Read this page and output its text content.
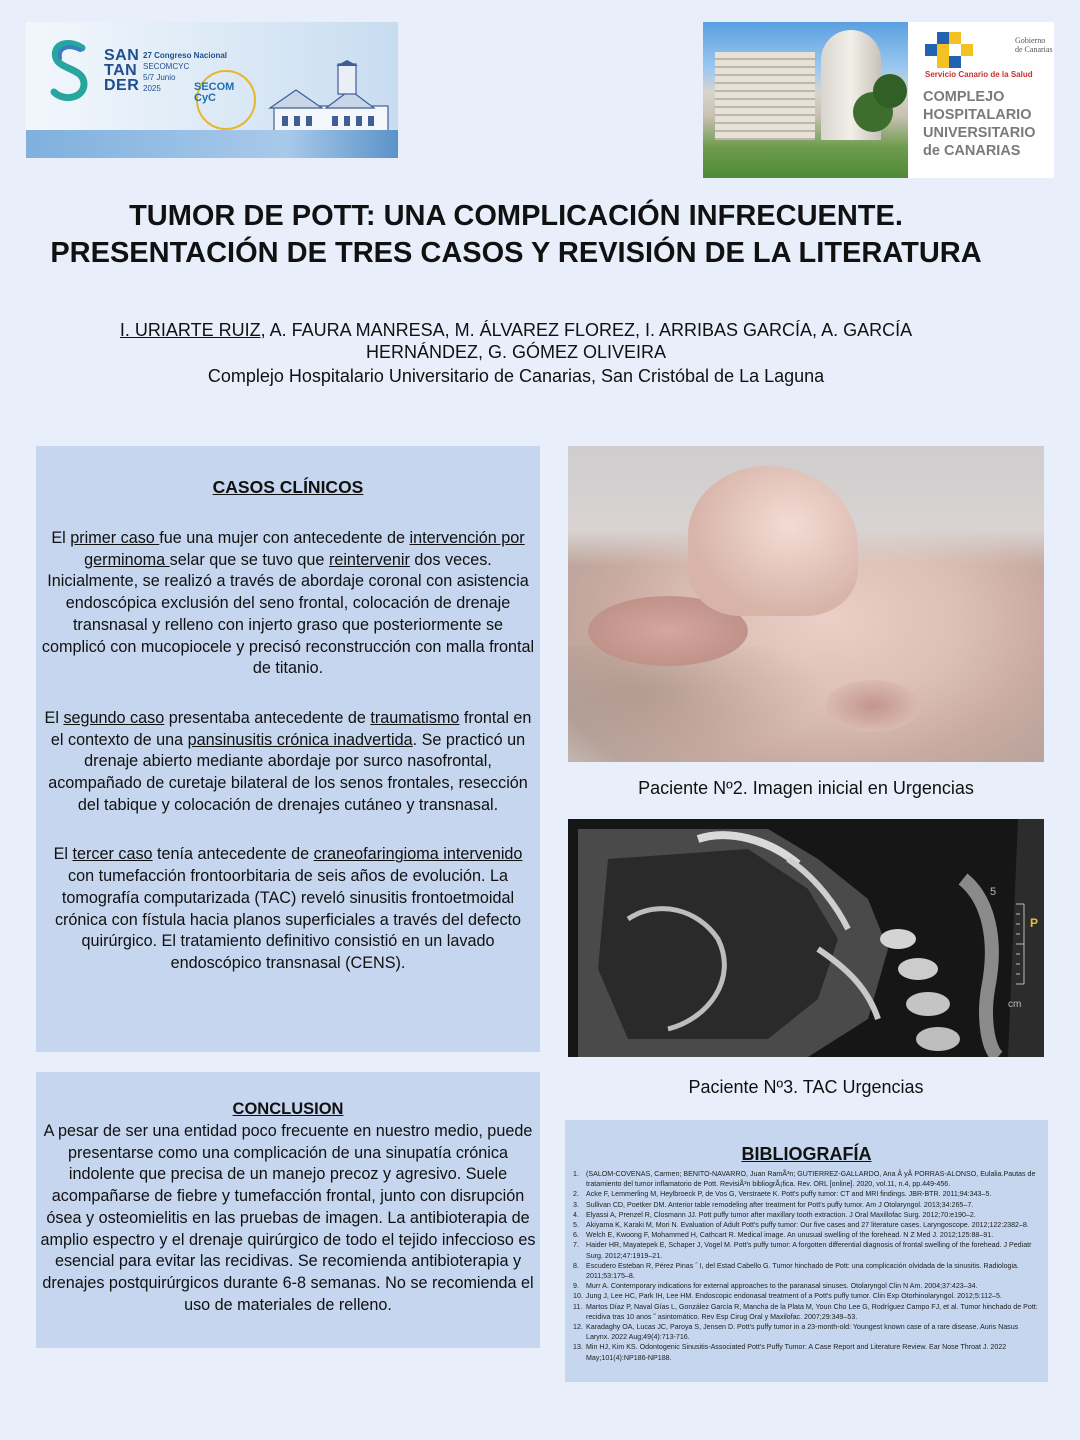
SAN
TAN
DER
27 Congreso Nacional
SECOMCYC
5/7 Junio
2025	SECOM
CyC
Gobierno
de Canarias
Servicio Canario de la Salud
COMPLEJO
HOSPITALARIO
UNIVERSITARIO
de CANARIAS
TUMOR DE POTT: UNA COMPLICACIÓN INFRECUENTE. PRESENTACIÓN DE TRES CASOS Y REVISIÓN DE LA LITERATURA
I. URIARTE RUIZ, A. FAURA MANRESA, M. ÁLVAREZ FLOREZ, I. ARRIBAS GARCÍA, A. GARCÍA HERNÁNDEZ, G. GÓMEZ OLIVEIRA
Complejo Hospitalario Universitario de Canarias, San Cristóbal de La Laguna
CASOS CLÍNICOS

El primer caso fue una mujer con antecedente de intervención por germinoma selar que se tuvo que reintervenir dos veces. Inicialmente, se realizó a través de abordaje coronal con asistencia endoscópica exclusión del seno frontal, colocación de drenaje transnasal y relleno con injerto graso que posteriormente se complicó con mucopiocele y precisó reconstrucción con malla frontal de titanio.

El segundo caso presentaba antecedente de traumatismo frontal en el contexto de una pansinusitis crónica inadvertida. Se practicó un drenaje abierto mediante abordaje por surco nasofrontal, acompañado de curetaje bilateral de los senos frontales, resección del tabique y colocación de drenajes cutáneo y transnasal.

El tercer caso tenía antecedente de craneofaringioma intervenido con tumefacción frontoorbitaria de seis años de evolución. La tomografía computarizada (TAC) reveló sinusitis frontoetmoidal crónica con fístula hacia planos superficiales a través del defecto quirúrgico. El tratamiento definitivo consistió en un lavado endoscópico transnasal (CENS).

CONCLUSION

A pesar de ser una entidad poco frecuente en nuestro medio, puede presentarse como una complicación de una sinupatía crónica indolente que precisa de un manejo precoz y agresivo. Suele acompañarse de fiebre y tumefacción frontal, junto con disrupción ósea y osteomielitis en las pruebas de imagen. La antibioterapia de amplio espectro y el drenaje quirúrgico de todo el tejido infeccioso es esencial para evitar las recidivas. Se recomienda antibioterapia y drenajes postquirúrgicos durante 6-8 semanas. No se recomienda el uso de materiales de relleno.

Paciente Nº2. Imagen inicial en Urgencias
5
P
cm
Paciente Nº3. TAC Urgencias
BIBLIOGRAFÍA
1. (SALOM-COVENAS, Carmen; BENITO-NAVARRO, Juan RamÃ³n; GUTIERREZ-GALLARDO, Ana Â yÂ PORRAS-ALONSO, Eulalia.Pautas de tratamiento del tumor inflamatorio de Pott. RevisiÃ³n bibliogrÃ¡fica. Rev. ORL [online]. 2020, vol.11, n.4, pp.449-456.
2. Acke F, Lemmerling M, Heylbroeck P, de Vos G, Verstraete K. Pott's puffy tumor: CT and MRI findings. JBR-BTR. 2011;94:343–5.
3. Sullivan CD, Poetker DM. Anterior table remodeling after treatment for Pott's puffy tumor. Am J Otolaryngol. 2013;34:265–7.
4. Elyassi A, Prenzel R, Closmann JJ. Pott puffy tumor after maxillary tooth extraction. J Oral Maxillofac Surg. 2012;70:e190–2.
5. Akiyama K, Karaki M, Mori N. Evaluation of Adult Pott's puffy tumor: Our five cases and 27 literature cases. Laryngoscope. 2012;122:2382–8.
6. Welch E, Kwoong F, Mohammed H, Cathcart R. Medical image. An unusual swelling of the forehead. N Z Med J. 2012;125:88–91.
7. Haider HR, Mayatepek E, Schaper J, Vogel M. Pott's puffy tumor: A forgotten differential diagnosis of frontal swelling of the forehead. J Pediatr Surg. 2012;47:1919–21.
8. Escudero Esteban R, Pérez Pinas ˆ I, del Estad Cabello G. Tumor hinchado de Pott: una complicación olvidada de la sinusitis. Radiologia. 2011;53:175–8.
9. Murr A. Contemporary indications for external approaches to the paranasal sinuses. Otolaryngol Clin N Am. 2004;37:423–34.
10. Jung J, Lee HC, Park IH, Lee HM. Endoscopic endonasal treatment of a Pott's puffy tumor. Clin Exp Otorhinolaryngol. 2012;5:112–5.
11. Martos Díaz P, Naval Gías L, González García R, Mancha de la Plata M, Youn Cho Lee G, Rodríguez Campo FJ, et al. Tumor hinchado de Pott: recidiva tras 10 anos ˜ asintomático. Rev Esp Cirug Oral y Maxilofac. 2007;29:349–53.
12. Karadaghy OA, Lucas JC, Paroya S, Jensen D. Pott's puffy tumor in a 23-month-old: Youngest known case of a rare disease. Auris Nasus Larynx. 2022 Aug;49(4):713-716.
13. Min HJ, Kim KS. Odontogenic Sinusitis-Associated Pott's Puffy Tumor: A Case Report and Literature Review. Ear Nose Throat J. 2022 May;101(4):NP186-NP188.
